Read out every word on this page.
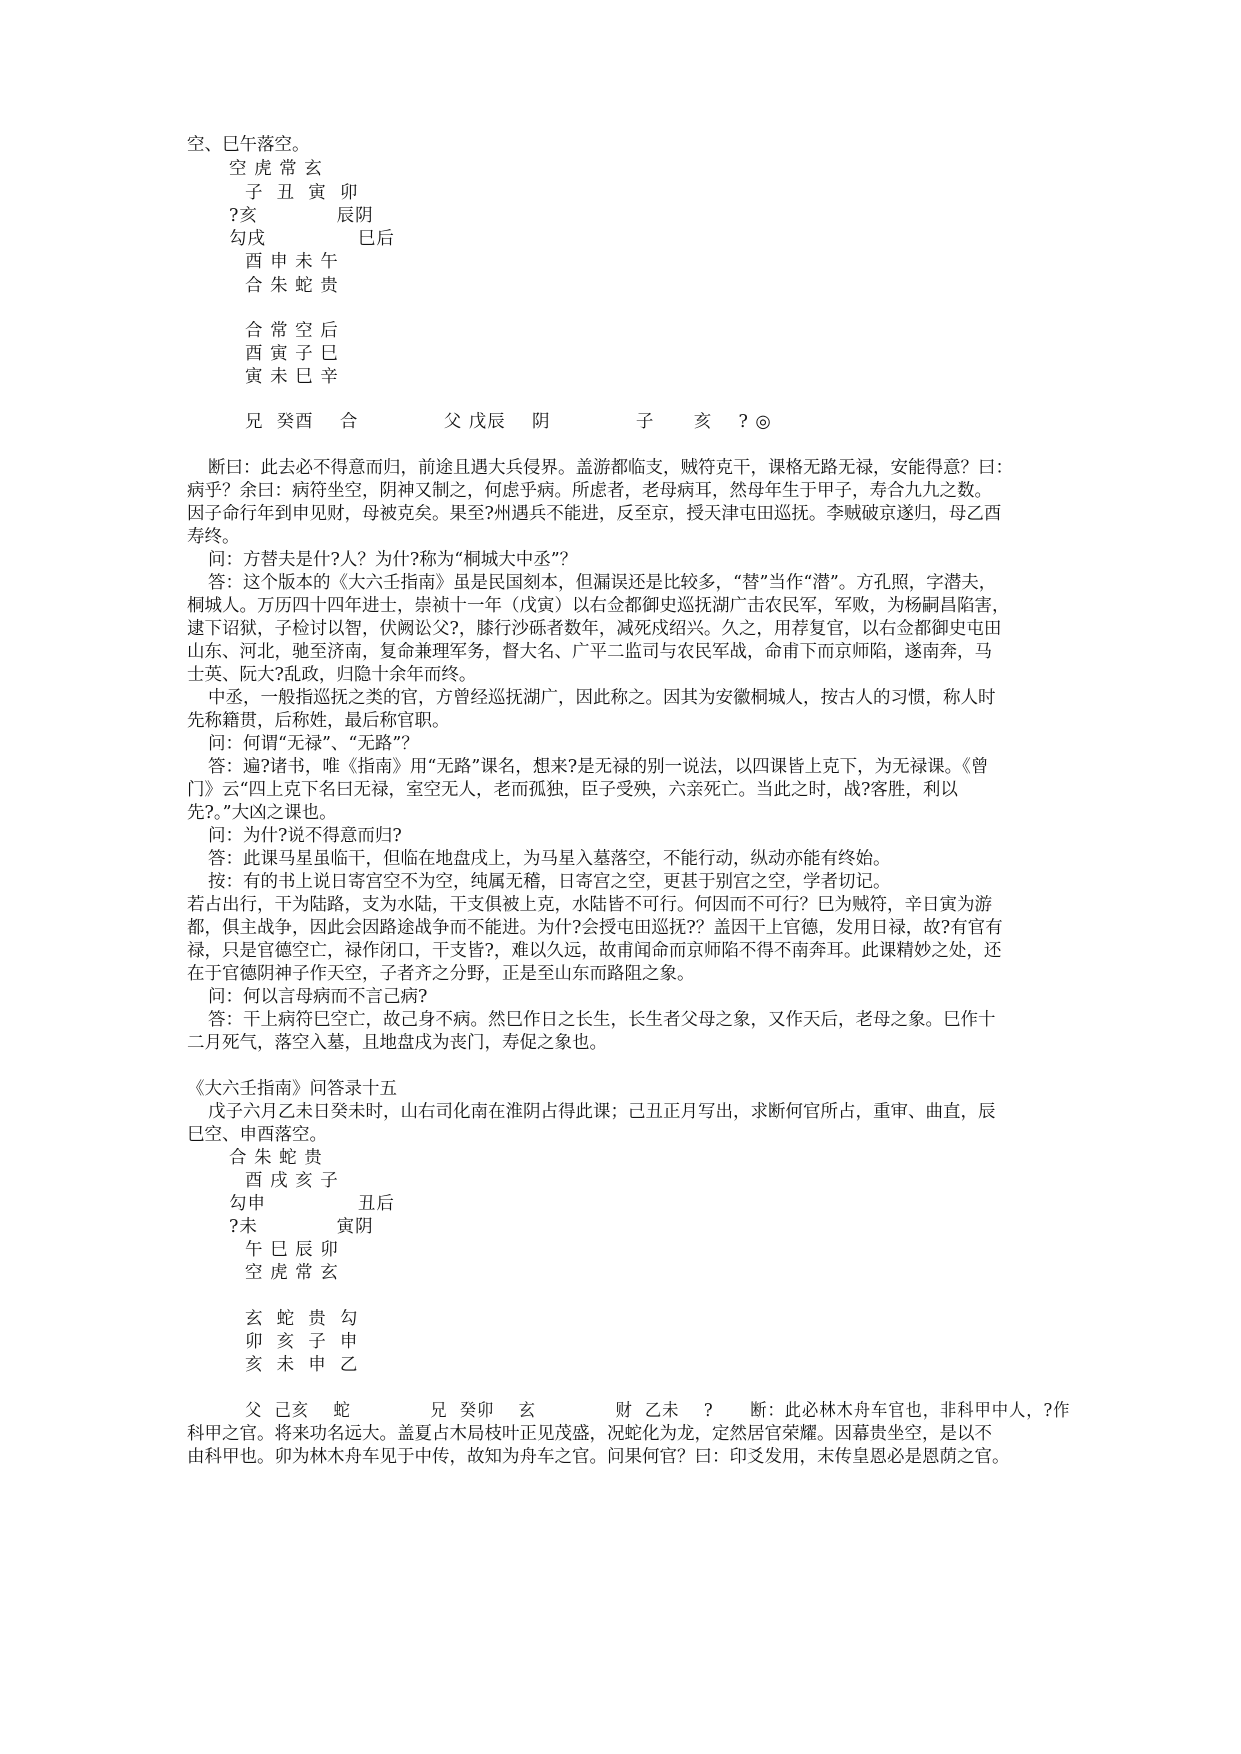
空、巳午落空。
空 虎 常 玄
子  丑  寅  卯
?亥            辰阴
勾戌              巳后
酉 申 未 午
合 朱 蛇 贵
合 常 空 后
酉 寅 子 巳
寅 未 巳 辛
兄  癸酉    合             父 戊辰    阴             子      亥    ? ◎
断曰：此去必不得意而归，前途且遇大兵侵界。盖游都临支，贼符克干，课格无路无禄，安能得意？曰：
病乎？余曰：病符坐空，阴神又制之，何虑乎病。所虑者，老母病耳，然母年生于甲子，寿合九九之数。
因子命行年到申见财，母被克矣。果至?州遇兵不能进，反至京，授天津屯田巡抚。李贼破京遂归，母乙酉
寿终。
问：方替夫是什?人？为什?称为“桐城大中丞”？
答：这个版本的《大六壬指南》虽是民国刻本，但漏误还是比较多，“替”当作“潜”。方孔照，字潜夫，
桐城人。万历四十四年进士，崇祯十一年（戊寅）以右佥都御史巡抚湖广击农民军，军败，为杨嗣昌陷害，
逮下诏狱，子检讨以智，伏阙讼父?，膝行沙砾者数年，减死戍绍兴。久之，用荐复官，以右佥都御史屯田
山东、河北，驰至济南，复命兼理军务，督大名、广平二监司与农民军战，命甫下而京师陷，遂南奔，马
士英、阮大?乱政，归隐十余年而终。
中丞，一般指巡抚之类的官，方曾经巡抚湖广，因此称之。因其为安徽桐城人，按古人的习惯，称人时
先称籍贯，后称姓，最后称官职。
问：何谓“无禄”、“无路”？
答：遍?诸书，唯《指南》用“无路”课名，想来?是无禄的别一说法，以四课皆上克下，为无禄课。《曾
门》云“四上克下名曰无禄，室空无人，老而孤独，臣子受殃，六亲死亡。当此之时，战?客胜，利以
先?。”大凶之课也。
问：为什?说不得意而归?
答：此课马星虽临干，但临在地盘戌上，为马星入墓落空，不能行动，纵动亦能有终始。
按：有的书上说日寄宫空不为空，纯属无稽，日寄宫之空，更甚于别宫之空，学者切记。
若占出行，干为陆路，支为水陆，干支俱被上克，水陆皆不可行。何因而不可行？巳为贼符，辛日寅为游
都，俱主战争，因此会因路途战争而不能进。为什?会授屯田巡抚?？盖因干上官德，发用日禄，故?有官有
禄，只是官德空亡，禄作闭口，干支皆?，难以久远，故甫闻命而京师陷不得不南奔耳。此课精妙之处，还
在于官德阴神子作天空，子者齐之分野，正是至山东而路阻之象。
问：何以言母病而不言己病?
答：干上病符巳空亡，故己身不病。然巳作日之长生，长生者父母之象，又作天后，老母之象。巳作十
二月死气，落空入墓，且地盘戌为丧门，寿促之象也。
《大六壬指南》问答录十五
戊子六月乙未日癸未时，山右司化南在淮阴占得此课；己丑正月写出，求断何官所占，重审、曲直，辰
巳空、申酉落空。
合 朱 蛇 贵
酉 戌 亥 子
勾申              丑后
?未            寅阴
午 巳 辰 卯
空 虎 常 玄
玄  蛇  贵  勾
卯  亥  子  申
亥  未  申  乙
父  己亥    蛇             兄  癸卯    玄             财  乙未    ?      断：此必林木舟车官也，非科甲中人，?作
科甲之官。将来功名远大。盖夏占木局枝叶正见茂盛，况蛇化为龙，定然居官荣耀。因幕贵坐空，是以不
由科甲也。卯为林木舟车见于中传，故知为舟车之官。问果何官？曰：印爻发用，末传皇恩必是恩荫之官。
